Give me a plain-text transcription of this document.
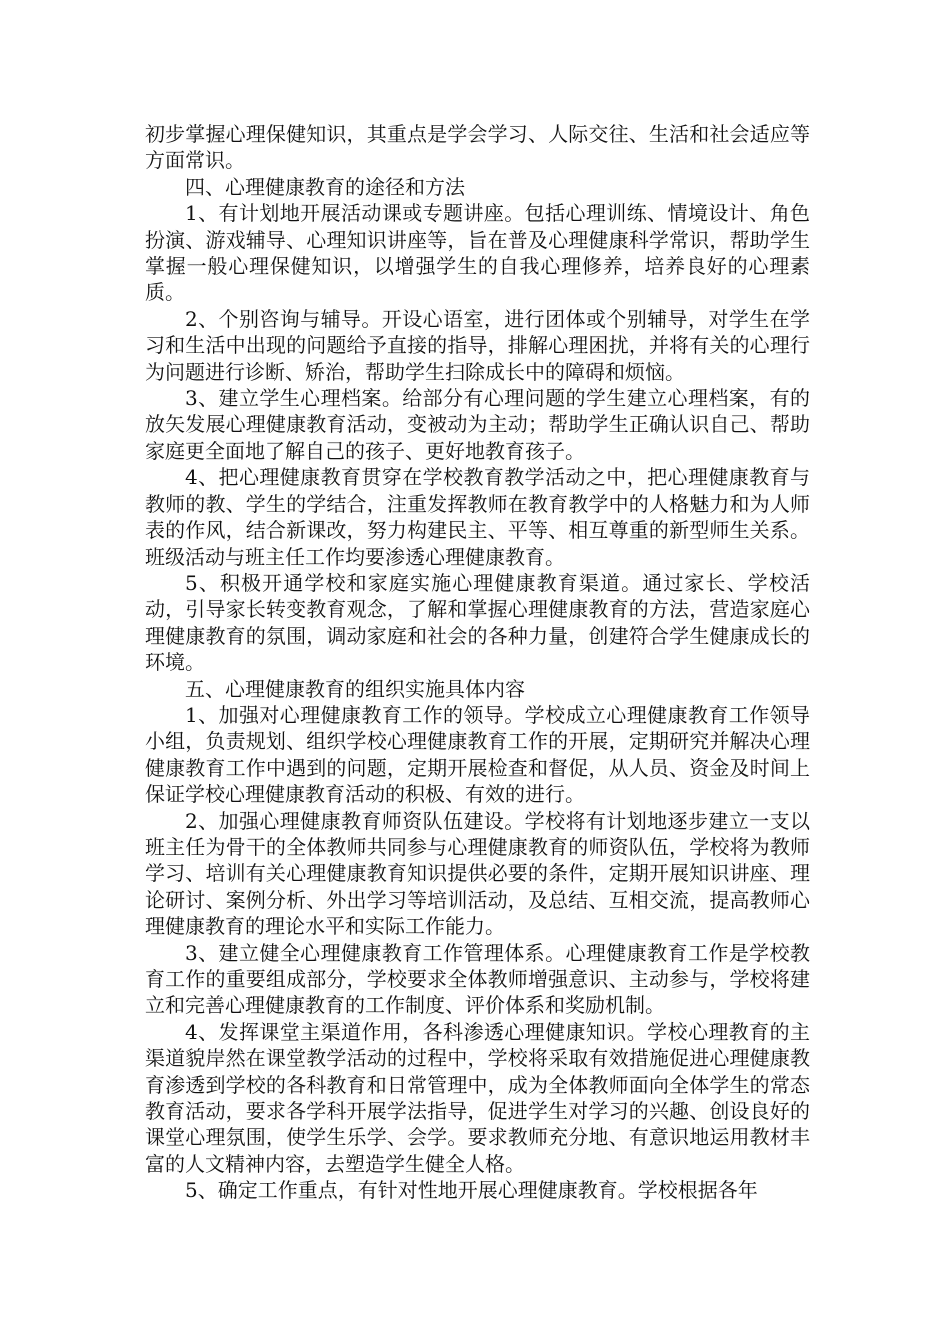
初步掌握心理保健知识，其重点是学会学习、人际交往、生活和社会适应等方面常识。

四、心理健康教育的途径和方法

1、有计划地开展活动课或专题讲座。包括心理训练、情境设计、角色扮演、游戏辅导、心理知识讲座等，旨在普及心理健康科学常识，帮助学生掌握一般心理保健知识，以增强学生的自我心理修养，培养良好的心理素质。

2、个别咨询与辅导。开设心语室，进行团体或个别辅导，对学生在学习和生活中出现的问题给予直接的指导，排解心理困扰，并将有关的心理行为问题进行诊断、矫治，帮助学生扫除成长中的障碍和烦恼。

3、建立学生心理档案。给部分有心理问题的学生建立心理档案，有的放矢发展心理健康教育活动，变被动为主动；帮助学生正确认识自己、帮助家庭更全面地了解自己的孩子、更好地教育孩子。

4、把心理健康教育贯穿在学校教育教学活动之中，把心理健康教育与教师的教、学生的学结合，注重发挥教师在教育教学中的人格魅力和为人师表的作风，结合新课改，努力构建民主、平等、相互尊重的新型师生关系。班级活动与班主任工作均要渗透心理健康教育。

5、积极开通学校和家庭实施心理健康教育渠道。通过家长、学校活动，引导家长转变教育观念，了解和掌握心理健康教育的方法，营造家庭心理健康教育的氛围，调动家庭和社会的各种力量，创建符合学生健康成长的环境。

五、心理健康教育的组织实施具体内容

1、加强对心理健康教育工作的领导。学校成立心理健康教育工作领导小组，负责规划、组织学校心理健康教育工作的开展，定期研究并解决心理健康教育工作中遇到的问题，定期开展检查和督促，从人员、资金及时间上保证学校心理健康教育活动的积极、有效的进行。

2、加强心理健康教育师资队伍建设。学校将有计划地逐步建立一支以班主任为骨干的全体教师共同参与心理健康教育的师资队伍，学校将为教师学习、培训有关心理健康教育知识提供必要的条件，定期开展知识讲座、理论研讨、案例分析、外出学习等培训活动，及总结、互相交流，提高教师心理健康教育的理论水平和实际工作能力。

3、建立健全心理健康教育工作管理体系。心理健康教育工作是学校教育工作的重要组成部分，学校要求全体教师增强意识、主动参与，学校将建立和完善心理健康教育的工作制度、评价体系和奖励机制。

4、发挥课堂主渠道作用，各科渗透心理健康知识。学校心理教育的主渠道貌岸然在课堂教学活动的过程中，学校将采取有效措施促进心理健康教育渗透到学校的各科教育和日常管理中，成为全体教师面向全体学生的常态教育活动，要求各学科开展学法指导，促进学生对学习的兴趣、创设良好的课堂心理氛围，使学生乐学、会学。要求教师充分地、有意识地运用教材丰富的人文精神内容，去塑造学生健全人格。

5、确定工作重点，有针对性地开展心理健康教育。学校根据各年
